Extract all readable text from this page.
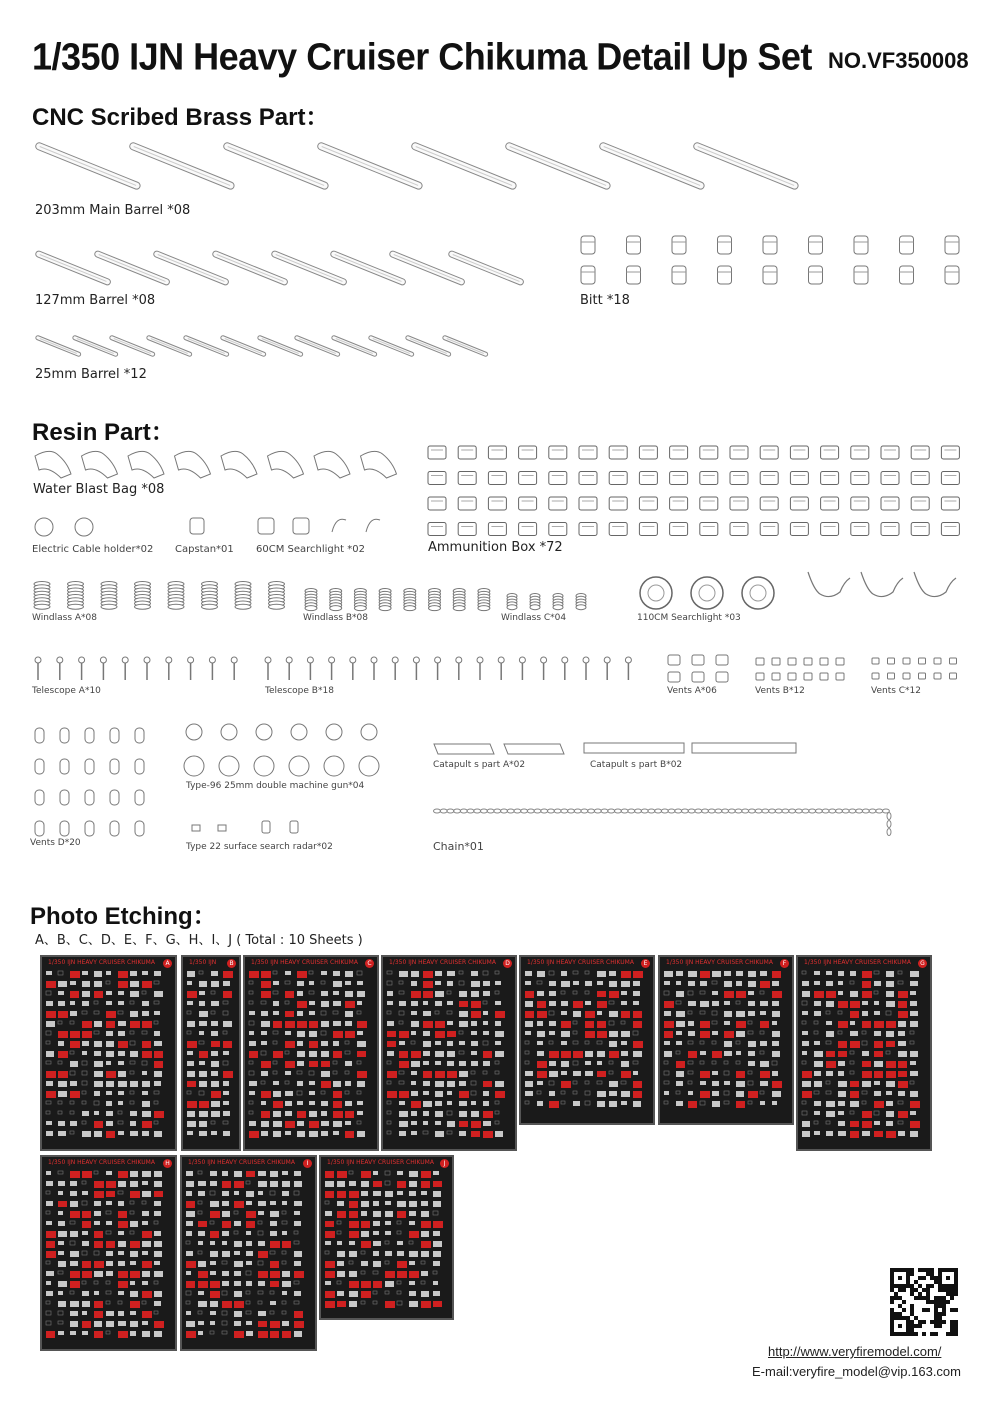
1/350 IJN Heavy Cruiser Chikuma Detail Up Set NO.VF350008
CNC Scribed Brass Part：
203mm Main Barrel *08
127mm Barrel *08	Bitt *18
25mm Barrel *12
Resin Part：
Water Blast Bag *08
Electric Cable holder*02 Capstan*01 60CM Searchlight *02	Ammunition Box *72
Windlass A*08	Windlass B*08	Windlass C*04	110CM Searchlight *03
Telescope A*10	Telescope B*18	Vents A*06	Vents B*12	Vents C*12
Type-96 25mm double machine gun*04
Catapult s part A*02	Catapult s part B*02
Vents D*20	Type 22 surface search radar*02	Chain*01
Photo Etching：
A、B、C、D、E、F、G、H、I、J ( Total : 10 Sheets )
1/350 IJN HEAVY CRUISER CHIKUMA	A	1/350 IJN	B	1/350 IJN HEAVY CRUISER CHIKUMA	C	1/350 IJN HEAVY CRUISER CHIKUMA	D	1/350 IJN HEAVY CRUISER CHIKUMA	E	1/350 IJN HEAVY CRUISER CHIKUMA	F	1/350 IJN HEAVY CRUISER CHIKUMA	G
1/350 IJN HEAVY CRUISER CHIKUMA	H	1/350 IJN HEAVY CRUISER CHIKUMA	I	1/350 IJN HEAVY CRUISER CHIKUMA	J
http://www.veryfiremodel.com/
E-mail:veryfire_model@vip.163.com
